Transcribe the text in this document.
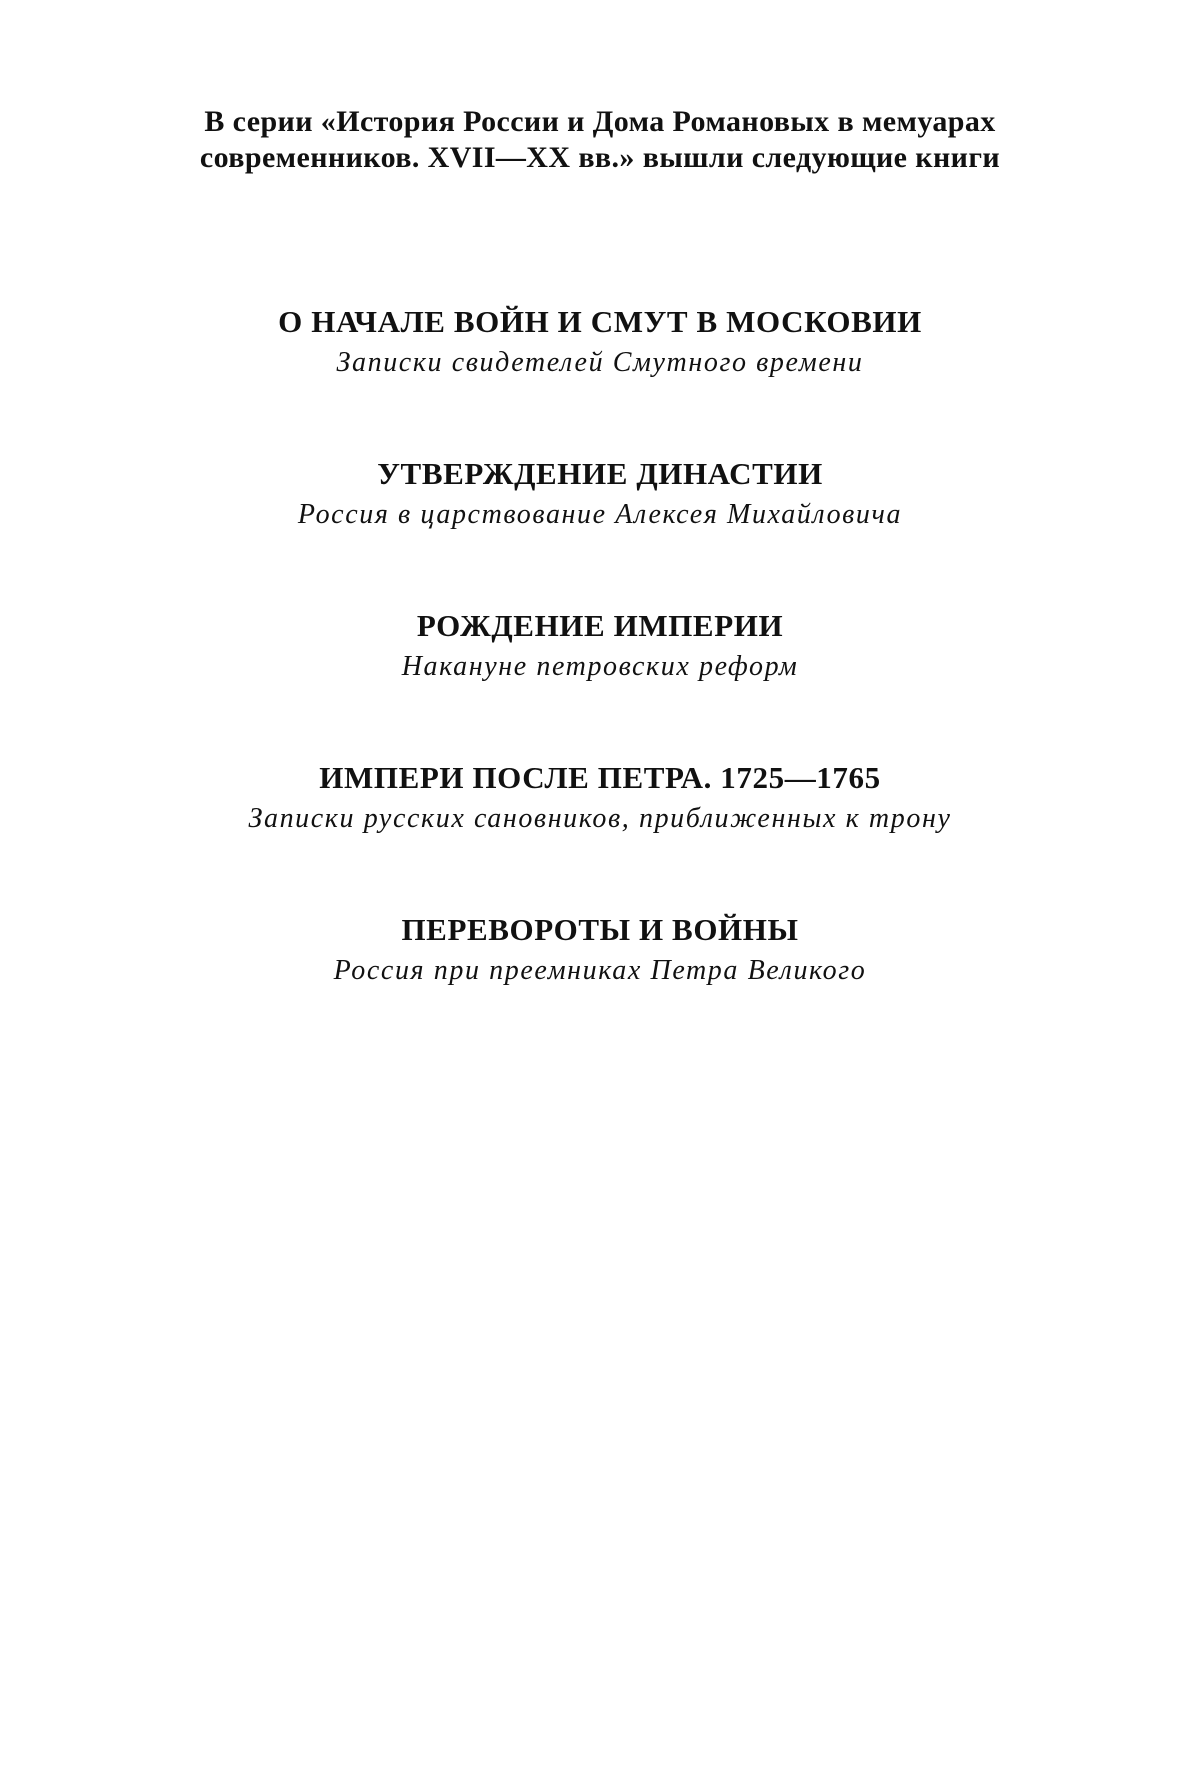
В серии «История России и Дома Романовых в мемуарах
современников. XVII—XX вв.» вышли следующие книги
О НАЧАЛЕ ВОЙН И СМУТ В МОСКОВИИ
Записки свидетелей Смутного времени
УТВЕРЖДЕНИЕ ДИНАСТИИ
Россия в царствование Алексея Михайловича
РОЖДЕНИЕ ИМПЕРИИ
Накануне петровских реформ
ИМПЕРИ ПОСЛЕ ПЕТРА. 1725—1765
Записки русских сановников, приближенных к трону
ПЕРЕВОРОТЫ И ВОЙНЫ
Россия при преемниках Петра Великого
